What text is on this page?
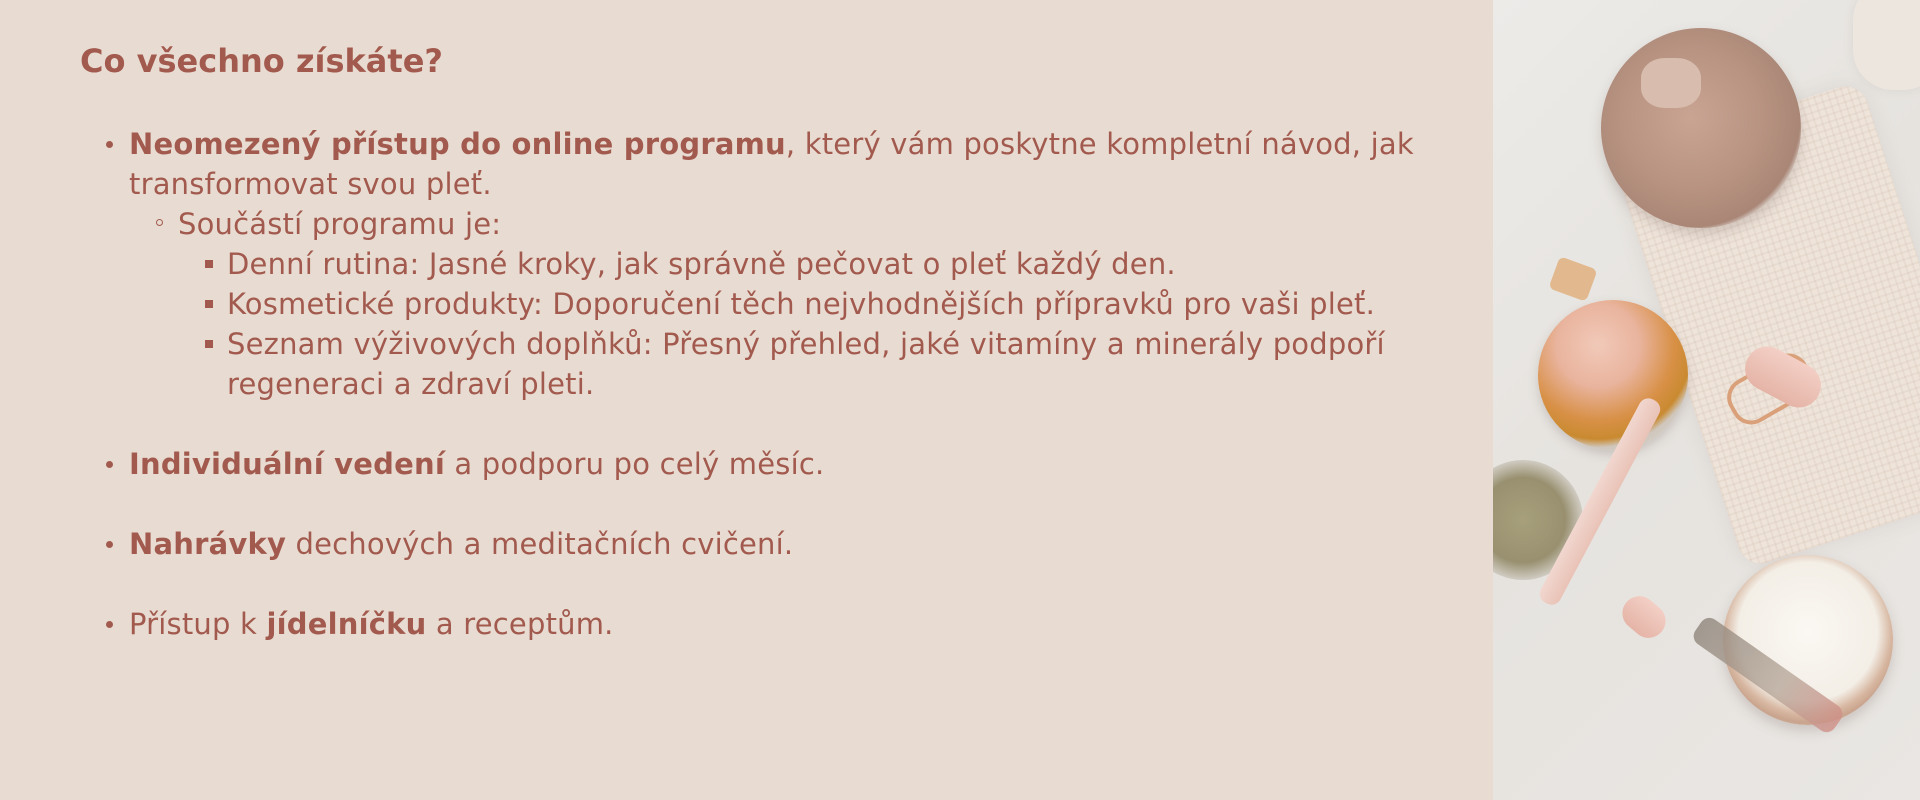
Co všechno získáte?
Neomezený přístup do online programu, který vám poskytne kompletní návod, jak transformovat svou pleť.
Součástí programu je:
Denní rutina: Jasné kroky, jak správně pečovat o pleť každý den.
Kosmetické produkty: Doporučení těch nejvhodnějších přípravků pro vaši pleť.
Seznam výživových doplňků: Přesný přehled, jaké vitamíny a minerály podpoří regeneraci a zdraví pleti.
Individuální vedení a podporu po celý měsíc.
Nahrávky dechových a meditačních cvičení.
Přístup k jídelníčku a receptům.
